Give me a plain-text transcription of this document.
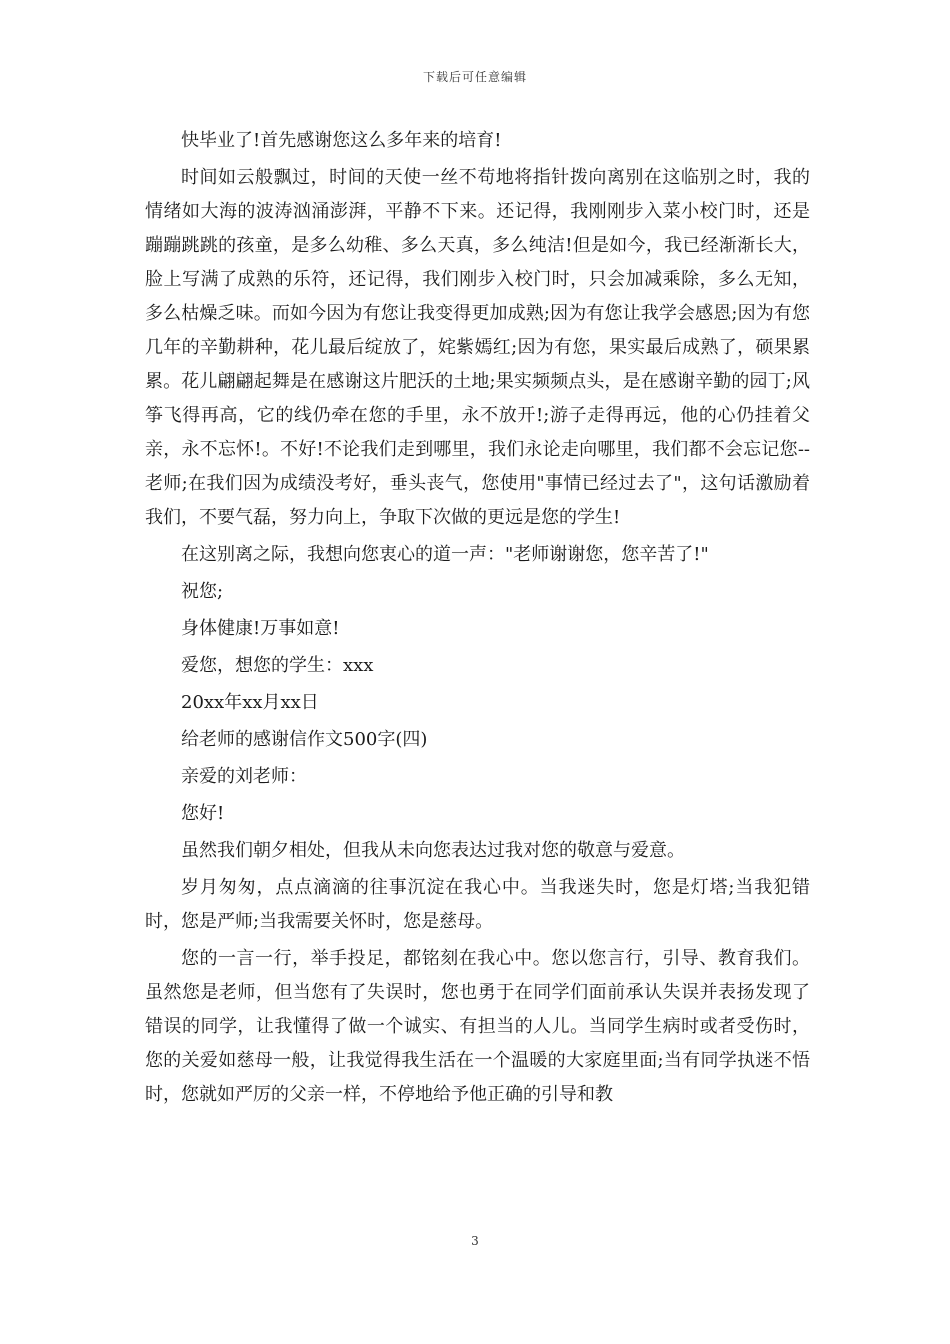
下载后可任意编辑

快毕业了!首先感谢您这么多年来的培育!

时间如云般飘过，时间的天使一丝不苟地将指针拨向离别在这临别之时，我的情绪如大海的波涛汹涌澎湃，平静不下来。还记得，我刚刚步入菜小校门时，还是蹦蹦跳跳的孩童，是多么幼稚、多么天真，多么纯洁!但是如今，我已经渐渐长大，脸上写满了成熟的乐符，还记得，我们刚步入校门时，只会加减乘除，多么无知，多么枯燥乏味。而如今因为有您让我变得更加成熟;因为有您让我学会感恩;因为有您几年的辛勤耕种，花儿最后绽放了，姹紫嫣红;因为有您，果实最后成熟了，硕果累累。花儿翩翩起舞是在感谢这片肥沃的土地;果实频频点头，是在感谢辛勤的园丁;风筝飞得再高，它的线仍牵在您的手里，永不放开!;游子走得再远，他的心仍挂着父亲，永不忘怀!。不好!不论我们走到哪里，我们永论走向哪里，我们都不会忘记您--老师;在我们因为成绩没考好，垂头丧气，您使用"事情已经过去了"，这句话激励着我们，不要气磊，努力向上，争取下次做的更远是您的学生!

在这别离之际，我想向您衷心的道一声："老师谢谢您，您辛苦了!"

祝您;

身体健康!万事如意!

爱您，想您的学生：xxx

20xx年xx月xx日

给老师的感谢信作文500字(四)

亲爱的刘老师：

您好!

虽然我们朝夕相处，但我从未向您表达过我对您的敬意与爱意。

岁月匆匆，点点滴滴的往事沉淀在我心中。当我迷失时，您是灯塔;当我犯错时，您是严师;当我需要关怀时，您是慈母。

您的一言一行，举手投足，都铭刻在我心中。您以您言行，引导、教育我们。虽然您是老师，但当您有了失误时，您也勇于在同学们面前承认失误并表扬发现了错误的同学，让我懂得了做一个诚实、有担当的人儿。当同学生病时或者受伤时，您的关爱如慈母一般，让我觉得我生活在一个温暖的大家庭里面;当有同学执迷不悟时，您就如严厉的父亲一样，不停地给予他正确的引导和教

3
